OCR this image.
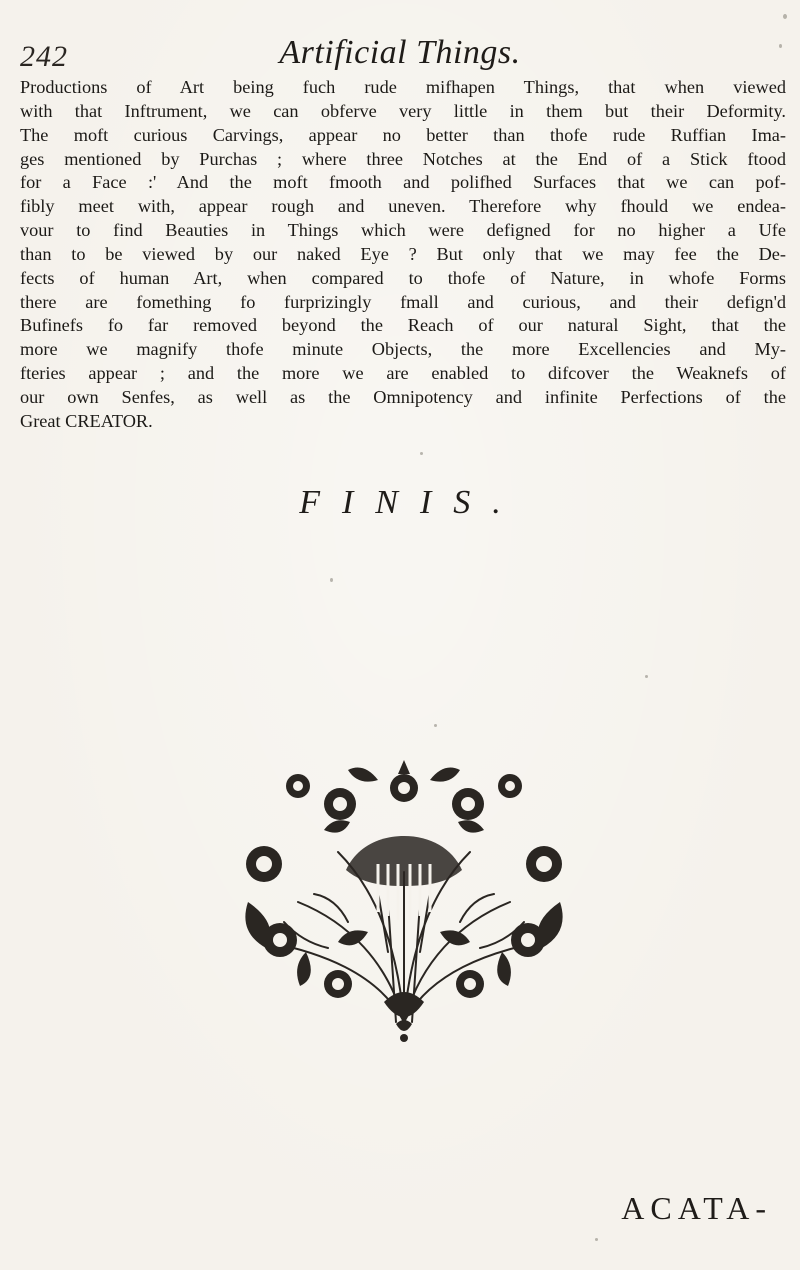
242	Artificial Things.
Productions of Art being fuch rude mifhapen Things, that when viewed
with that Inftrument, we can obferve very little in them but their Deformity.
The moft curious Carvings, appear no better than thofe rude Ruffian Ima-
ges mentioned by Purchas ; where three Notches at the End of a Stick ftood
for a Face :' And the moft fmooth and polifhed Surfaces that we can pof-
fibly meet with, appear rough and uneven. Therefore why fhould we endea-
vour to find Beauties in Things which were defigned for no higher a Ufe
than to be viewed by our naked Eye ? But only that we may fee the De-
fects of human Art, when compared to thofe of Nature, in whofe Forms
there are fomething fo furprizingly fmall and curious, and their defign'd
Bufinefs fo far removed beyond the Reach of our natural Sight, that the
more we magnify thofe minute Objects, the more Excellencies and My-
fteries appear ; and the more we are enabled to difcover the Weaknefs of
our own Senfes, as well as the Omnipotency and infinite Perfections of the
Great CREATOR.
FINIS.
ACATA-
